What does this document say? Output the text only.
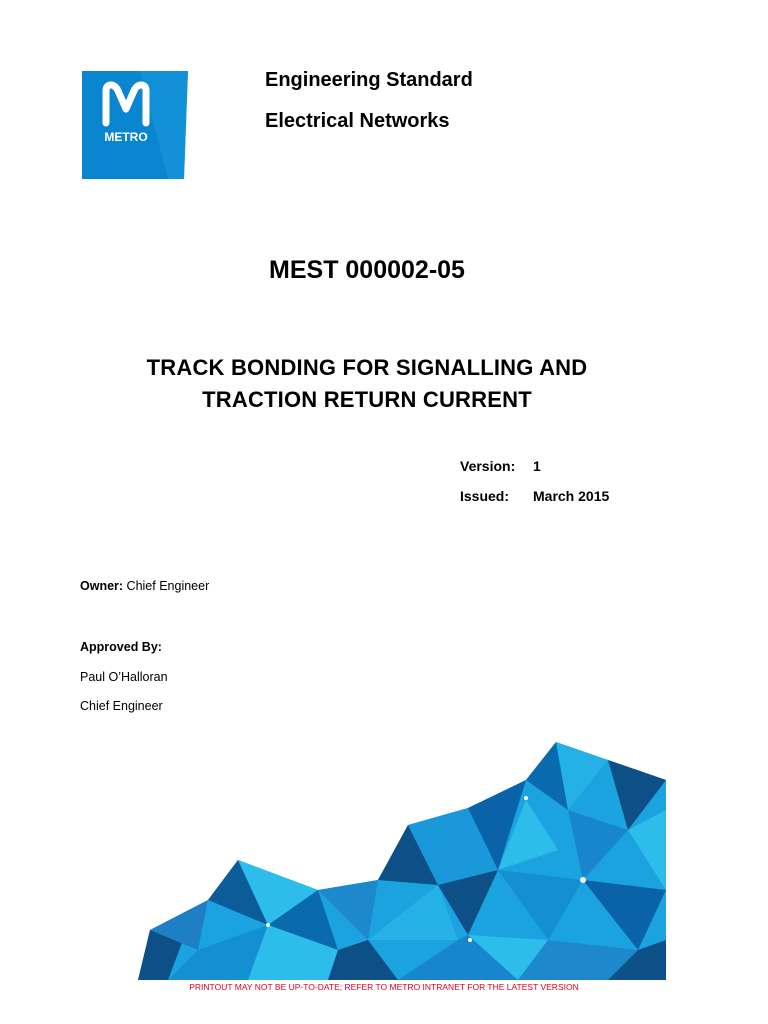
METRO
Engineering Standard
Electrical Networks
MEST 000002-05
TRACK BONDING FOR SIGNALLING AND
TRACTION RETURN CURRENT
Version: 1
Issued: March 2015
Owner: Chief Engineer
Approved By:
Paul O’Halloran
Chief Engineer
PRINTOUT MAY NOT BE UP-TO-DATE; REFER TO METRO INTRANET FOR THE LATEST VERSION
